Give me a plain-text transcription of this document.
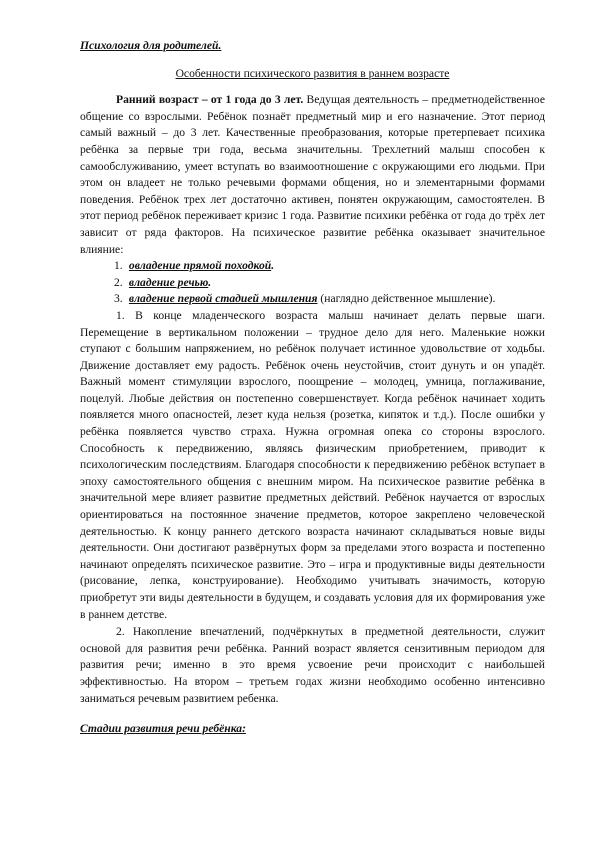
Психология для родителей.

Особенности психического развития в раннем возрасте

Ранний возраст – от 1 года до 3 лет. Ведущая деятельность – предметнодейственное общение со взрослыми. Ребёнок познаёт предметный мир и его назначение. Этот период самый важный – до 3 лет. Качественные преобразования, которые претерпевает психика ребёнка за первые три года, весьма значительны. Трехлетний малыш способен к самообслуживанию, умеет вступать во взаимоотношение с окружающими его людьми. При этом он владеет не только речевыми формами общения, но и элементарными формами поведения. Ребёнок трех лет достаточно активен, понятен окружающим, самостоятелен. В этот период ребёнок переживает кризис 1 года. Развитие психики ребёнка от года до трёх лет зависит от ряда факторов. На психическое развитие ребёнка оказывает значительное влияние:

1. овладение прямой походкой.
2. владение речью.
3. владение первой стадией мышления (наглядно действенное мышление).

1. В конце младенческого возраста малыш начинает делать первые шаги. Перемещение в вертикальном положении – трудное дело для него. Маленькие ножки ступают с большим напряжением, но ребёнок получает истинное удовольствие от ходьбы. Движение доставляет ему радость. Ребёнок очень неустойчив, стоит дунуть и он упадёт. Важный момент стимуляции взрослого, поощрение – молодец, умница, поглаживание, поцелуй. Любые действия он постепенно совершенствует. Когда ребёнок начинает ходить появляется много опасностей, лезет куда нельзя (розетка, кипяток и т.д.). После ошибки у ребёнка появляется чувство страха. Нужна огромная опека со стороны взрослого. Способность к передвижению, являясь физическим приобретением, приводит к психологическим последствиям. Благодаря способности к передвижению ребёнок вступает в эпоху самостоятельного общения с внешним миром. На психическое развитие ребёнка в значительной мере влияет развитие предметных действий. Ребёнок научается от взрослых ориентироваться на постоянное значение предметов, которое закреплено человеческой деятельностью. К концу раннего детского возраста начинают складываться новые виды деятельности. Они достигают развёрнутых форм за пределами этого возраста и постепенно начинают определять психическое развитие. Это – игра и продуктивные виды деятельности (рисование, лепка, конструирование). Необходимо учитывать значимость, которую приобретут эти виды деятельности в будущем, и создавать условия для их формирования уже в раннем детстве.

2. Накопление впечатлений, подчёркнутых в предметной деятельности, служит основой для развития речи ребёнка. Ранний возраст является сензитивным периодом для развития речи; именно в это время усвоение речи происходит с наибольшей эффективностью. На втором – третьем годах жизни необходимо особенно интенсивно заниматься речевым развитием ребенка.

Стадии развития речи ребёнка:
